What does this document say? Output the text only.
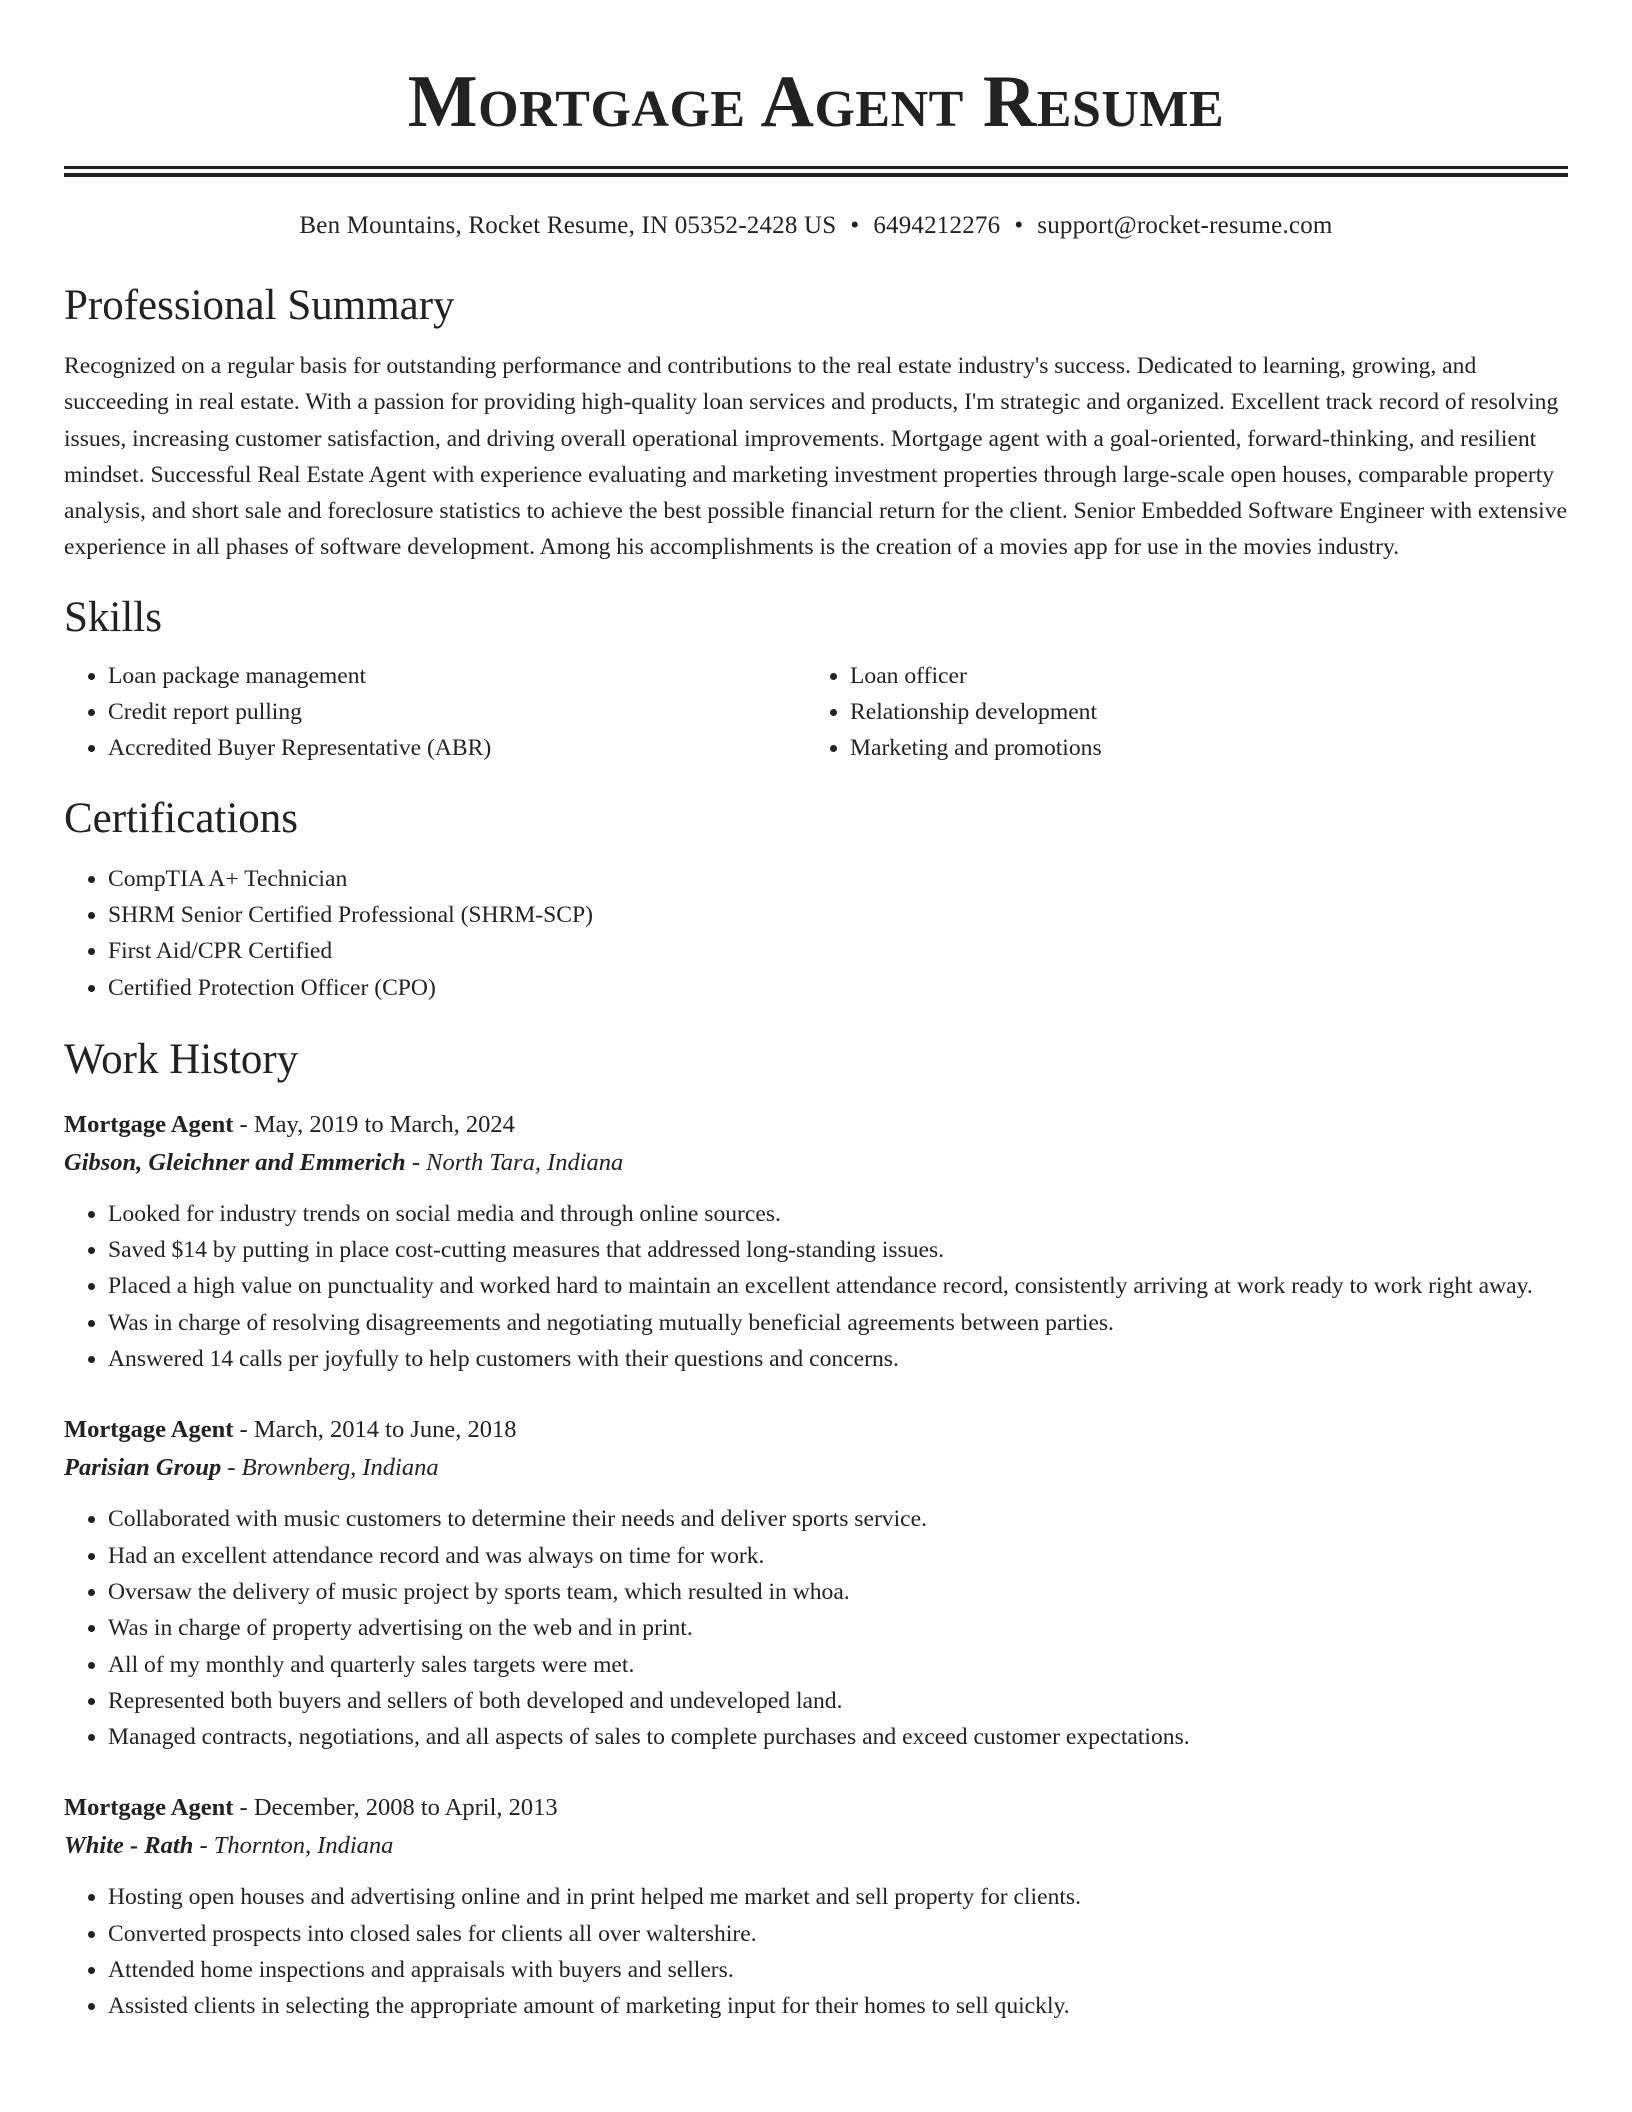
Mortgage Agent Resume
Ben Mountains, Rocket Resume, IN 05352-2428 US • 6494212276 • support@rocket-resume.com
Professional Summary

Recognized on a regular basis for outstanding performance and contributions to the real estate industry's success. Dedicated to learning, growing, and succeeding in real estate. With a passion for providing high-quality loan services and products, I'm strategic and organized. Excellent track record of resolving issues, increasing customer satisfaction, and driving overall operational improvements. Mortgage agent with a goal-oriented, forward-thinking, and resilient mindset. Successful Real Estate Agent with experience evaluating and marketing investment properties through large-scale open houses, comparable property analysis, and short sale and foreclosure statistics to achieve the best possible financial return for the client. Senior Embedded Software Engineer with extensive experience in all phases of software development. Among his accomplishments is the creation of a movies app for use in the movies industry.

Skills
• Loan package management
• Credit report pulling
• Accredited Buyer Representative (ABR)
• Loan officer
• Relationship development
• Marketing and promotions
Certifications
• CompTIA A+ Technician
• SHRM Senior Certified Professional (SHRM-SCP)
• First Aid/CPR Certified
• Certified Protection Officer (CPO)
Work History
Mortgage Agent - May, 2019 to March, 2024
Gibson, Gleichner and Emmerich - North Tara, Indiana
• Looked for industry trends on social media and through online sources.
• Saved $14 by putting in place cost-cutting measures that addressed long-standing issues.
• Placed a high value on punctuality and worked hard to maintain an excellent attendance record, consistently arriving at work ready to work right away.
• Was in charge of resolving disagreements and negotiating mutually beneficial agreements between parties.
• Answered 14 calls per joyfully to help customers with their questions and concerns.
Mortgage Agent - March, 2014 to June, 2018
Parisian Group - Brownberg, Indiana
• Collaborated with music customers to determine their needs and deliver sports service.
• Had an excellent attendance record and was always on time for work.
• Oversaw the delivery of music project by sports team, which resulted in whoa.
• Was in charge of property advertising on the web and in print.
• All of my monthly and quarterly sales targets were met.
• Represented both buyers and sellers of both developed and undeveloped land.
• Managed contracts, negotiations, and all aspects of sales to complete purchases and exceed customer expectations.
Mortgage Agent - December, 2008 to April, 2013
White - Rath - Thornton, Indiana
• Hosting open houses and advertising online and in print helped me market and sell property for clients.
• Converted prospects into closed sales for clients all over waltershire.
• Attended home inspections and appraisals with buyers and sellers.
• Assisted clients in selecting the appropriate amount of marketing input for their homes to sell quickly.
